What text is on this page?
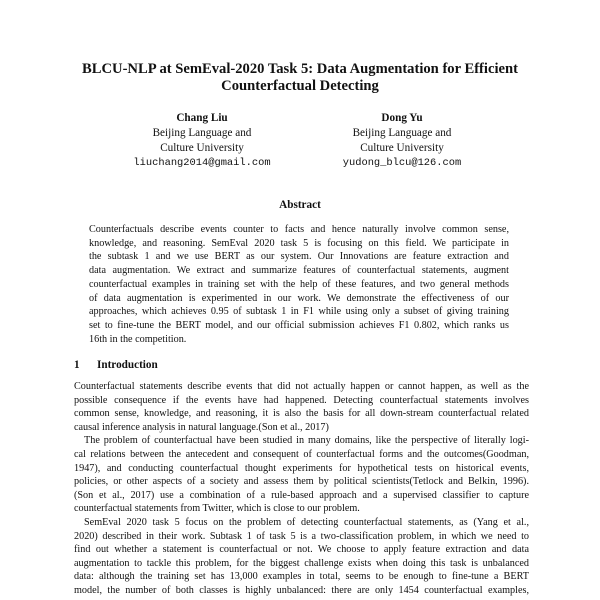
BLCU-NLP at SemEval-2020 Task 5: Data Augmentation for Efficient
Counterfactual Detecting
Chang Liu
Beijing Language and
Culture University
liuchang2014@gmail.com
Dong Yu
Beijing Language and
Culture University
yudong_blcu@126.com
Abstract
Counterfactuals describe events counter to facts and hence naturally involve common sense,
knowledge, and reasoning. SemEval 2020 task 5 is focusing on this field. We participate in
the subtask 1 and we use BERT as our system. Our Innovations are feature extraction and
data augmentation. We extract and summarize features of counterfactual statements, augment
counterfactual examples in training set with the help of these features, and two general methods
of data augmentation is experimented in our work. We demonstrate the effectiveness of our
approaches, which achieves 0.95 of subtask 1 in F1 while using only a subset of giving training
set to fine-tune the BERT model, and our official submission achieves F1 0.802, which ranks us
16th in the competition.
1 Introduction
Counterfactual statements describe events that did not actually happen or cannot happen, as well as the
possible consequence if the events have had happened. Detecting counterfactual statements involves
common sense, knowledge, and reasoning, it is also the basis for all down-stream counterfactual related
causal inference analysis in natural language.(Son et al., 2017)
The problem of counterfactual have been studied in many domains, like the perspective of literally logi-
cal relations between the antecedent and consequent of counterfactual forms and the outcomes(Goodman,
1947), and conducting counterfactual thought experiments for hypothetical tests on historical events,
policies, or other aspects of a society and assess them by political scientists(Tetlock and Belkin, 1996).
(Son et al., 2017) use a combination of a rule-based approach and a supervised classifier to capture
counterfactual statements from Twitter, which is close to our problem.
SemEval 2020 task 5 focus on the problem of detecting counterfactual statements, as (Yang et al.,
2020) described in their work. Subtask 1 of task 5 is a two-classification problem, in which we need to
find out whether a statement is counterfactual or not. We choose to apply feature extraction and data
augmentation to tackle this problem, for the biggest challenge exists when doing this task is unbalanced
data: although the training set has 13,000 examples in total, seems to be enough to fine-tune a BERT
model, the number of both classes is highly unbalanced: there are only 1454 counterfactual examples,
